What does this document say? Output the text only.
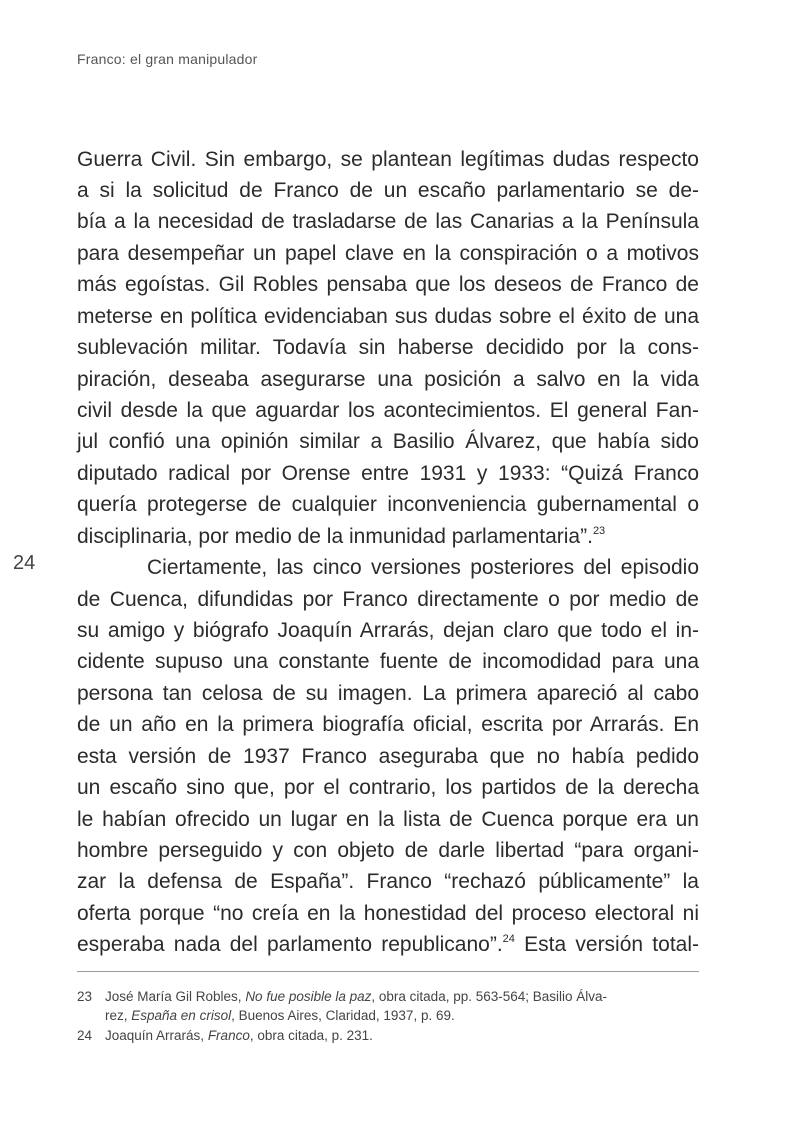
Franco: el gran manipulador
Guerra Civil. Sin embargo, se plantean legítimas dudas respecto
a si la solicitud de Franco de un escaño parlamentario se de-
bía a la necesidad de trasladarse de las Canarias a la Península
para desempeñar un papel clave en la conspiración o a motivos
más egoístas. Gil Robles pensaba que los deseos de Franco de
meterse en política evidenciaban sus dudas sobre el éxito de una
sublevación militar. Todavía sin haberse decidido por la cons-
piración, deseaba asegurarse una posición a salvo en la vida
civil desde la que aguardar los acontecimientos. El general Fan-
jul confió una opinión similar a Basilio Álvarez, que había sido
diputado radical por Orense entre 1931 y 1933: “Quizá Franco
quería protegerse de cualquier inconveniencia gubernamental o
disciplinaria, por medio de la inmunidad parlamentaria”.$^{23}$
24	Ciertamente, las cinco versiones posteriores del episodio
de Cuenca, difundidas por Franco directamente o por medio de
su amigo y biógrafo Joaquín Arrarás, dejan claro que todo el in-
cidente supuso una constante fuente de incomodidad para una
persona tan celosa de su imagen. La primera apareció al cabo
de un año en la primera biografía oficial, escrita por Arrarás. En
esta versión de 1937 Franco aseguraba que no había pedido
un escaño sino que, por el contrario, los partidos de la derecha
le habían ofrecido un lugar en la lista de Cuenca porque era un
hombre perseguido y con objeto de darle libertad “para organi-
zar la defensa de España”. Franco “rechazó públicamente” la
oferta porque “no creía en la honestidad del proceso electoral ni
esperaba nada del parlamento republicano”.$^{24}$ Esta versión total-
23 José María Gil Robles, No fue posible la paz, obra citada, pp. 563-564; Basilio Álva-
rez, España en crisol, Buenos Aires, Claridad, 1937, p. 69.
24 Joaquín Arrarás, Franco, obra citada, p. 231.
